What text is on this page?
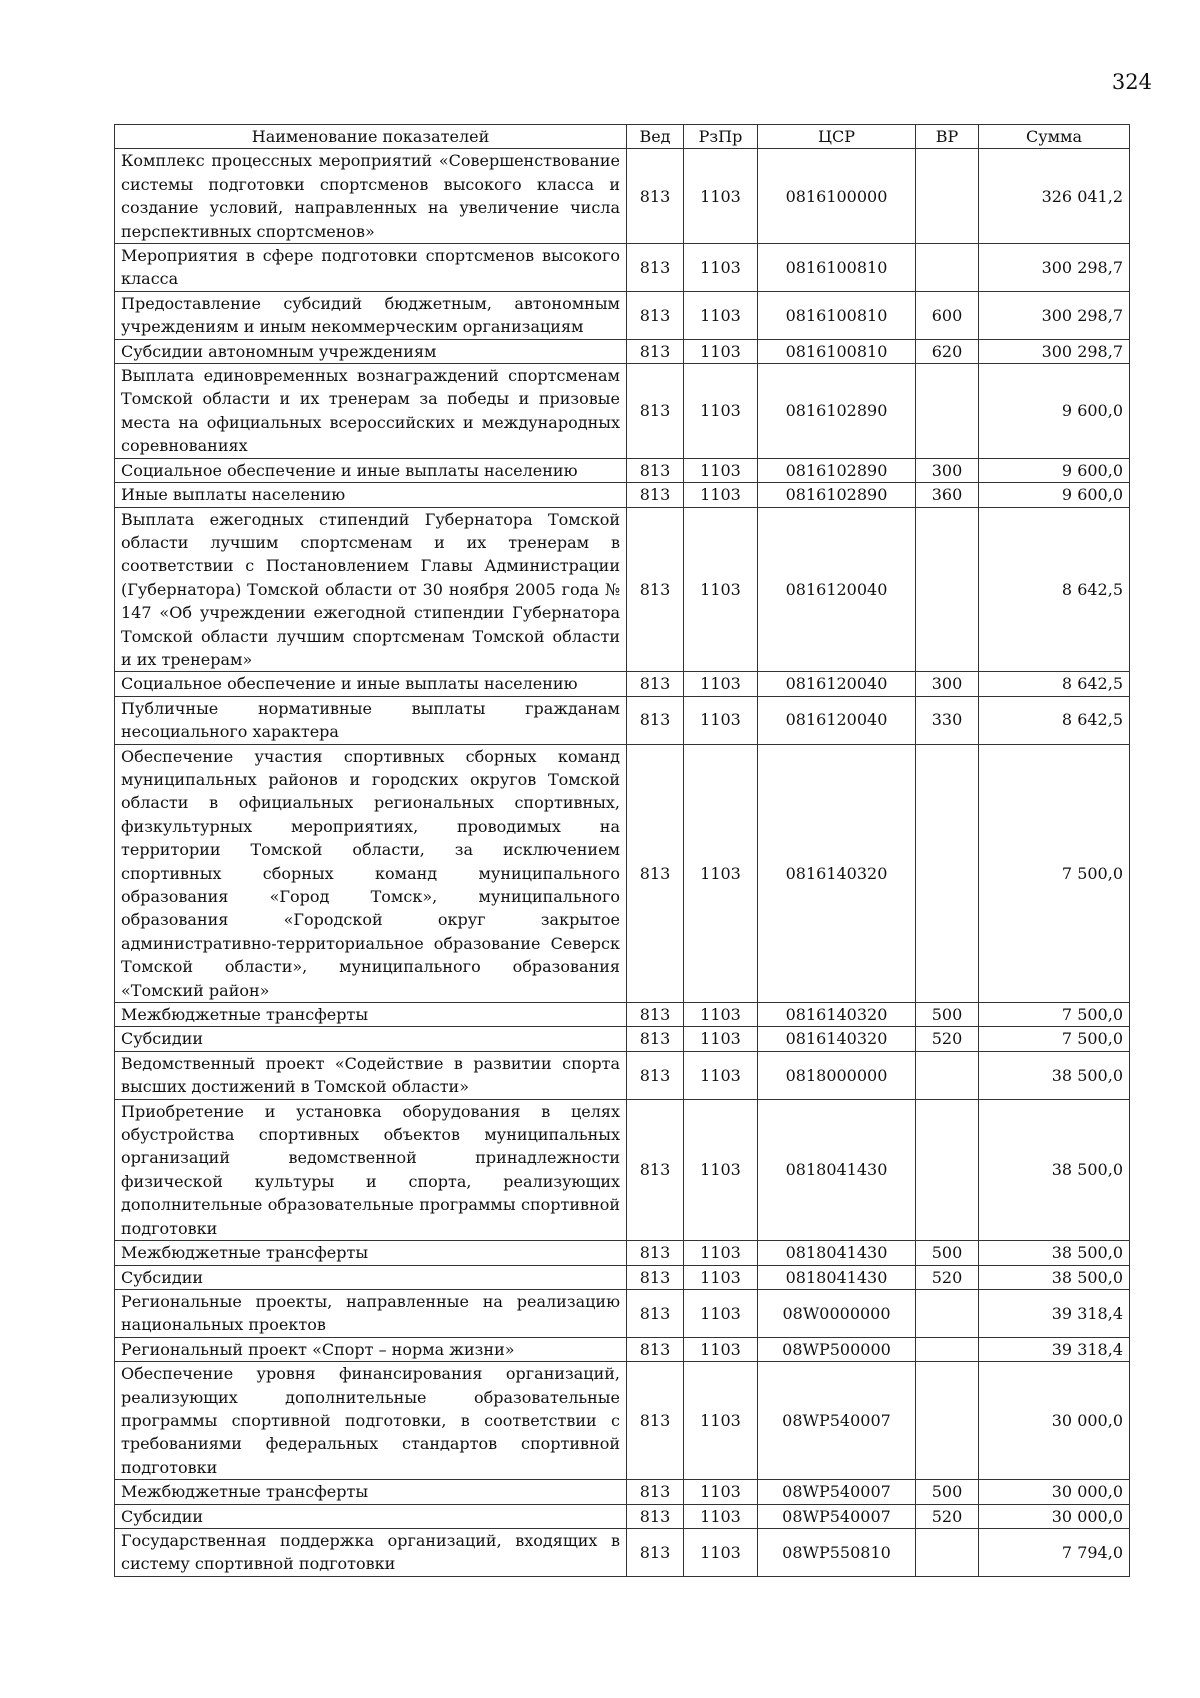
324
Наименование показателей	Вед	РзПр	ЦСР	ВР	Сумма
Комплекс процессных мероприятий «Совершенствование системы подготовки спортсменов высокого класса и создание условий, направленных на увеличение числа перспективных спортсменов»	813	1103	0816100000		326 041,2
Мероприятия в сфере подготовки спортсменов высокого класса	813	1103	0816100810		300 298,7
Предоставление субсидий бюджетным, автономным учреждениям и иным некоммерческим организациям	813	1103	0816100810	600	300 298,7
Субсидии автономным учреждениям	813	1103	0816100810	620	300 298,7
Выплата единовременных вознаграждений спортсменам Томской области и их тренерам за победы и призовые места на официальных всероссийских и международных соревнованиях	813	1103	0816102890		9 600,0
Социальное обеспечение и иные выплаты населению	813	1103	0816102890	300	9 600,0
Иные выплаты населению	813	1103	0816102890	360	9 600,0
Выплата ежегодных стипендий Губернатора Томской области лучшим спортсменам и их тренерам в соответствии с Постановлением Главы Администрации (Губернатора) Томской области от 30 ноября 2005 года № 147 «Об учреждении ежегодной стипендии Губернатора Томской области лучшим спортсменам Томской области и их тренерам»	813	1103	0816120040		8 642,5
Социальное обеспечение и иные выплаты населению	813	1103	0816120040	300	8 642,5
Публичные нормативные выплаты гражданам несоциального характера	813	1103	0816120040	330	8 642,5
Обеспечение участия спортивных сборных команд муниципальных районов и городских округов Томской области в официальных региональных спортивных, физкультурных мероприятиях, проводимых на территории Томской области, за исключением спортивных сборных команд муниципального образования «Город Томск», муниципального образования «Городской округ закрытое административно-территориальное образование Северск Томской области», муниципального образования «Томский район»	813	1103	0816140320		7 500,0
Межбюджетные трансферты	813	1103	0816140320	500	7 500,0
Субсидии	813	1103	0816140320	520	7 500,0
Ведомственный проект «Содействие в развитии спорта высших достижений в Томской области»	813	1103	0818000000		38 500,0
Приобретение и установка оборудования в целях обустройства спортивных объектов муниципальных организаций ведомственной принадлежности физической культуры и спорта, реализующих дополнительные образовательные программы спортивной подготовки	813	1103	0818041430		38 500,0
Межбюджетные трансферты	813	1103	0818041430	500	38 500,0
Субсидии	813	1103	0818041430	520	38 500,0
Региональные проекты, направленные на реализацию национальных проектов	813	1103	08W0000000		39 318,4
Региональный проект «Спорт – норма жизни»	813	1103	08WP500000		39 318,4
Обеспечение уровня финансирования организаций, реализующих дополнительные образовательные программы спортивной подготовки, в соответствии с требованиями федеральных стандартов спортивной подготовки	813	1103	08WP540007		30 000,0
Межбюджетные трансферты	813	1103	08WP540007	500	30 000,0
Субсидии	813	1103	08WP540007	520	30 000,0
Государственная поддержка организаций, входящих в систему спортивной подготовки	813	1103	08WP550810		7 794,0
